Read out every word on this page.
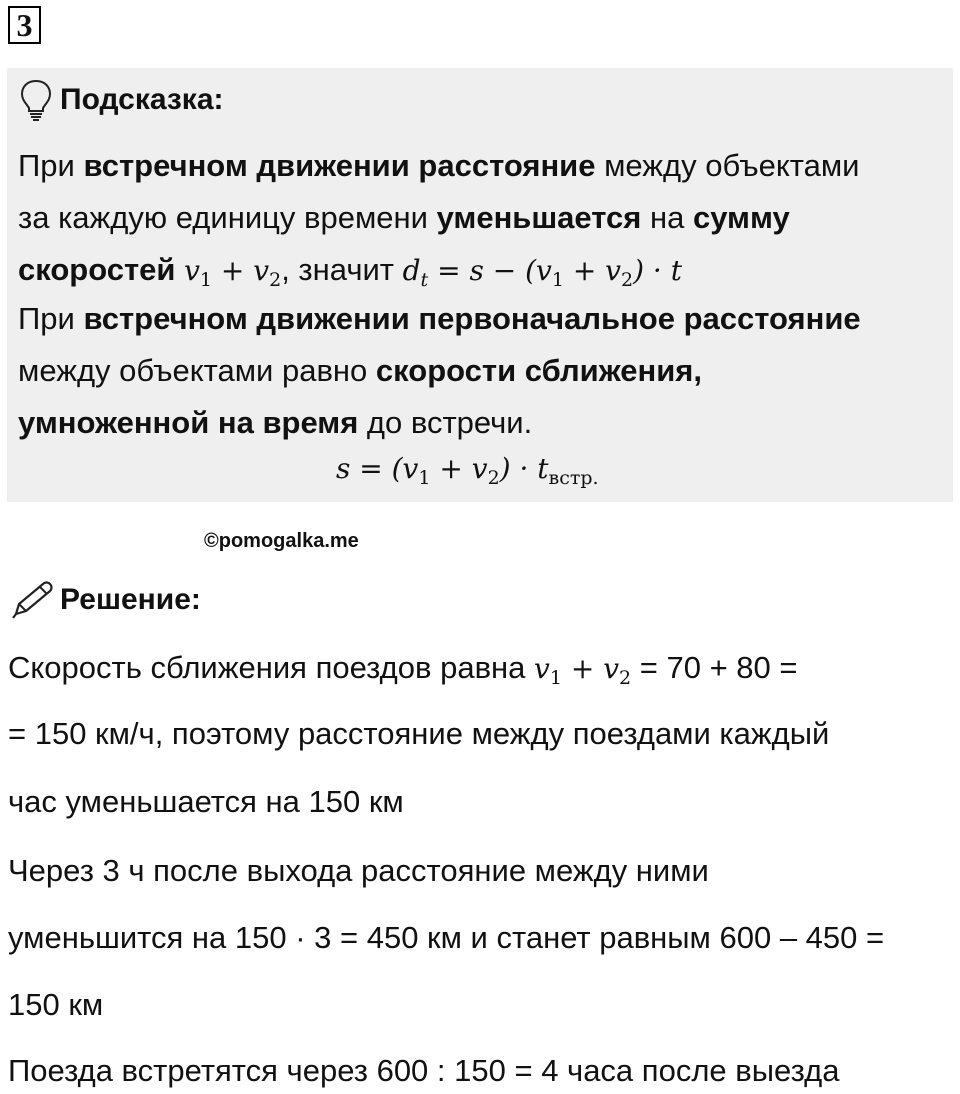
3
Подсказка:
При встречном движении расстояние между объектами
за каждую единицу времени уменьшается на сумму
скоростей $v_1 + v_2$, значит $d_t = s - (v_1 + v_2) \cdot t$
При встречном движении первоначальное расстояние
между объектами равно скорости сближения,
умноженной на время до встречи.
$s = (v_1 + v_2) \cdot t_{встр.}$
©pomogalka.me
Решение:
Скорость сближения поездов равна $v_1 + v_2 = 70 + 80$ =
= 150 км/ч, поэтому расстояние между поездами каждый
час уменьшается на 150 км
Через 3 ч после выхода расстояние между ними
уменьшится на 150 · 3 = 450 км и станет равным 600 – 450 =
150 км
Поезда встретятся через 600 : 150 = 4 часа после выезда
